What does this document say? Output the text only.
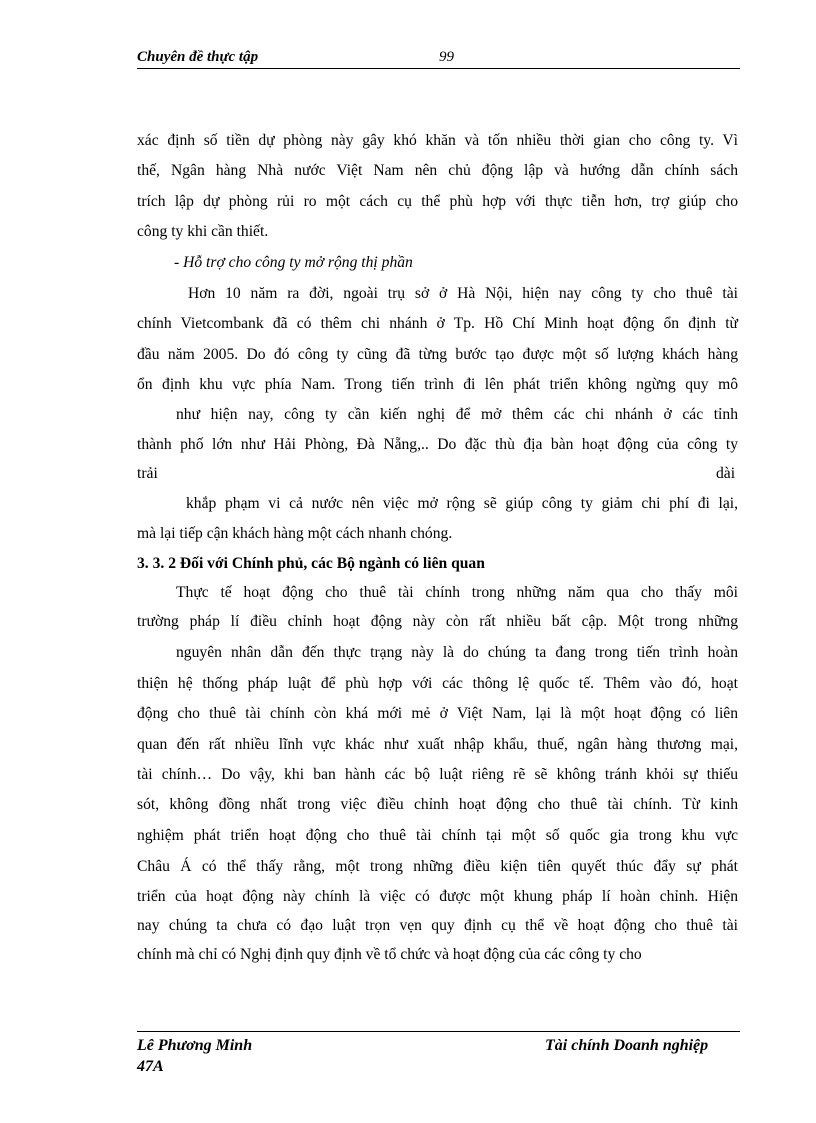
Chuyên đề thực tập	99
xác định số tiền dự phòng này gây khó khăn và tốn nhiều thời gian cho công ty. Vì
thế, Ngân hàng Nhà nước Việt Nam nên chủ động lập và hướng dẫn chính sách
trích lập dự phòng rủi ro một cách cụ thể phù hợp với thực tiễn hơn, trợ giúp cho
công ty khi cần thiết.
- Hỗ trợ cho công ty mở rộng thị phần
Hơn 10 năm ra đời, ngoài trụ sở ở Hà Nội, hiện nay công ty cho thuê tài
chính Vietcombank đã có thêm chi nhánh ở Tp. Hồ Chí Minh hoạt động ổn định từ
đầu năm 2005. Do đó công ty cũng đã từng bước tạo được một số lượng khách hàng
ổn định khu vực phía Nam. Trong tiến trình đi lên phát triển không ngừng quy mô
như hiện nay, công ty cần kiến nghị để mở thêm các chi nhánh ở các tỉnh
thành phố lớn như Hải Phòng, Đà Nẵng,.. Do đặc thù địa bàn hoạt động của công ty
trải	dài
khắp phạm vi cả nước nên việc mở rộng sẽ giúp công ty giảm chi phí đi lại,
mà lại tiếp cận khách hàng một cách nhanh chóng.
3. 3. 2 Đối với Chính phủ, các Bộ ngành có liên quan
Thực tế hoạt động cho thuê tài chính trong những năm qua cho thấy môi
trường pháp lí điều chỉnh hoạt động này còn rất nhiều bất cập. Một trong những
nguyên nhân dẫn đến thực trạng này là do chúng ta đang trong tiến trình hoàn
thiện hệ thống pháp luật để phù hợp với các thông lệ quốc tế. Thêm vào đó, hoạt
động cho thuê tài chính còn khá mới mẻ ở Việt Nam, lại là một hoạt động có liên
quan đến rất nhiều lĩnh vực khác như xuất nhập khẩu, thuế, ngân hàng thương mại,
tài chính… Do vậy, khi ban hành các bộ luật riêng rẽ sẽ không tránh khỏi sự thiếu
sót, không đồng nhất trong việc điều chỉnh hoạt động cho thuê tài chính. Từ kinh
nghiệm phát triển hoạt động cho thuê tài chính tại một số quốc gia trong khu vực
Châu Á có thể thấy rằng, một trong những điều kiện tiên quyết thúc đẩy sự phát
triển của hoạt động này chính là việc có được một khung pháp lí hoàn chỉnh. Hiện
nay chúng ta chưa có đạo luật trọn vẹn quy định cụ thể về hoạt động cho thuê tài
chính mà chỉ có Nghị định quy định về tổ chức và hoạt động của các công ty cho
Lê Phương Minh
47A
Tài chính Doanh nghiệp
